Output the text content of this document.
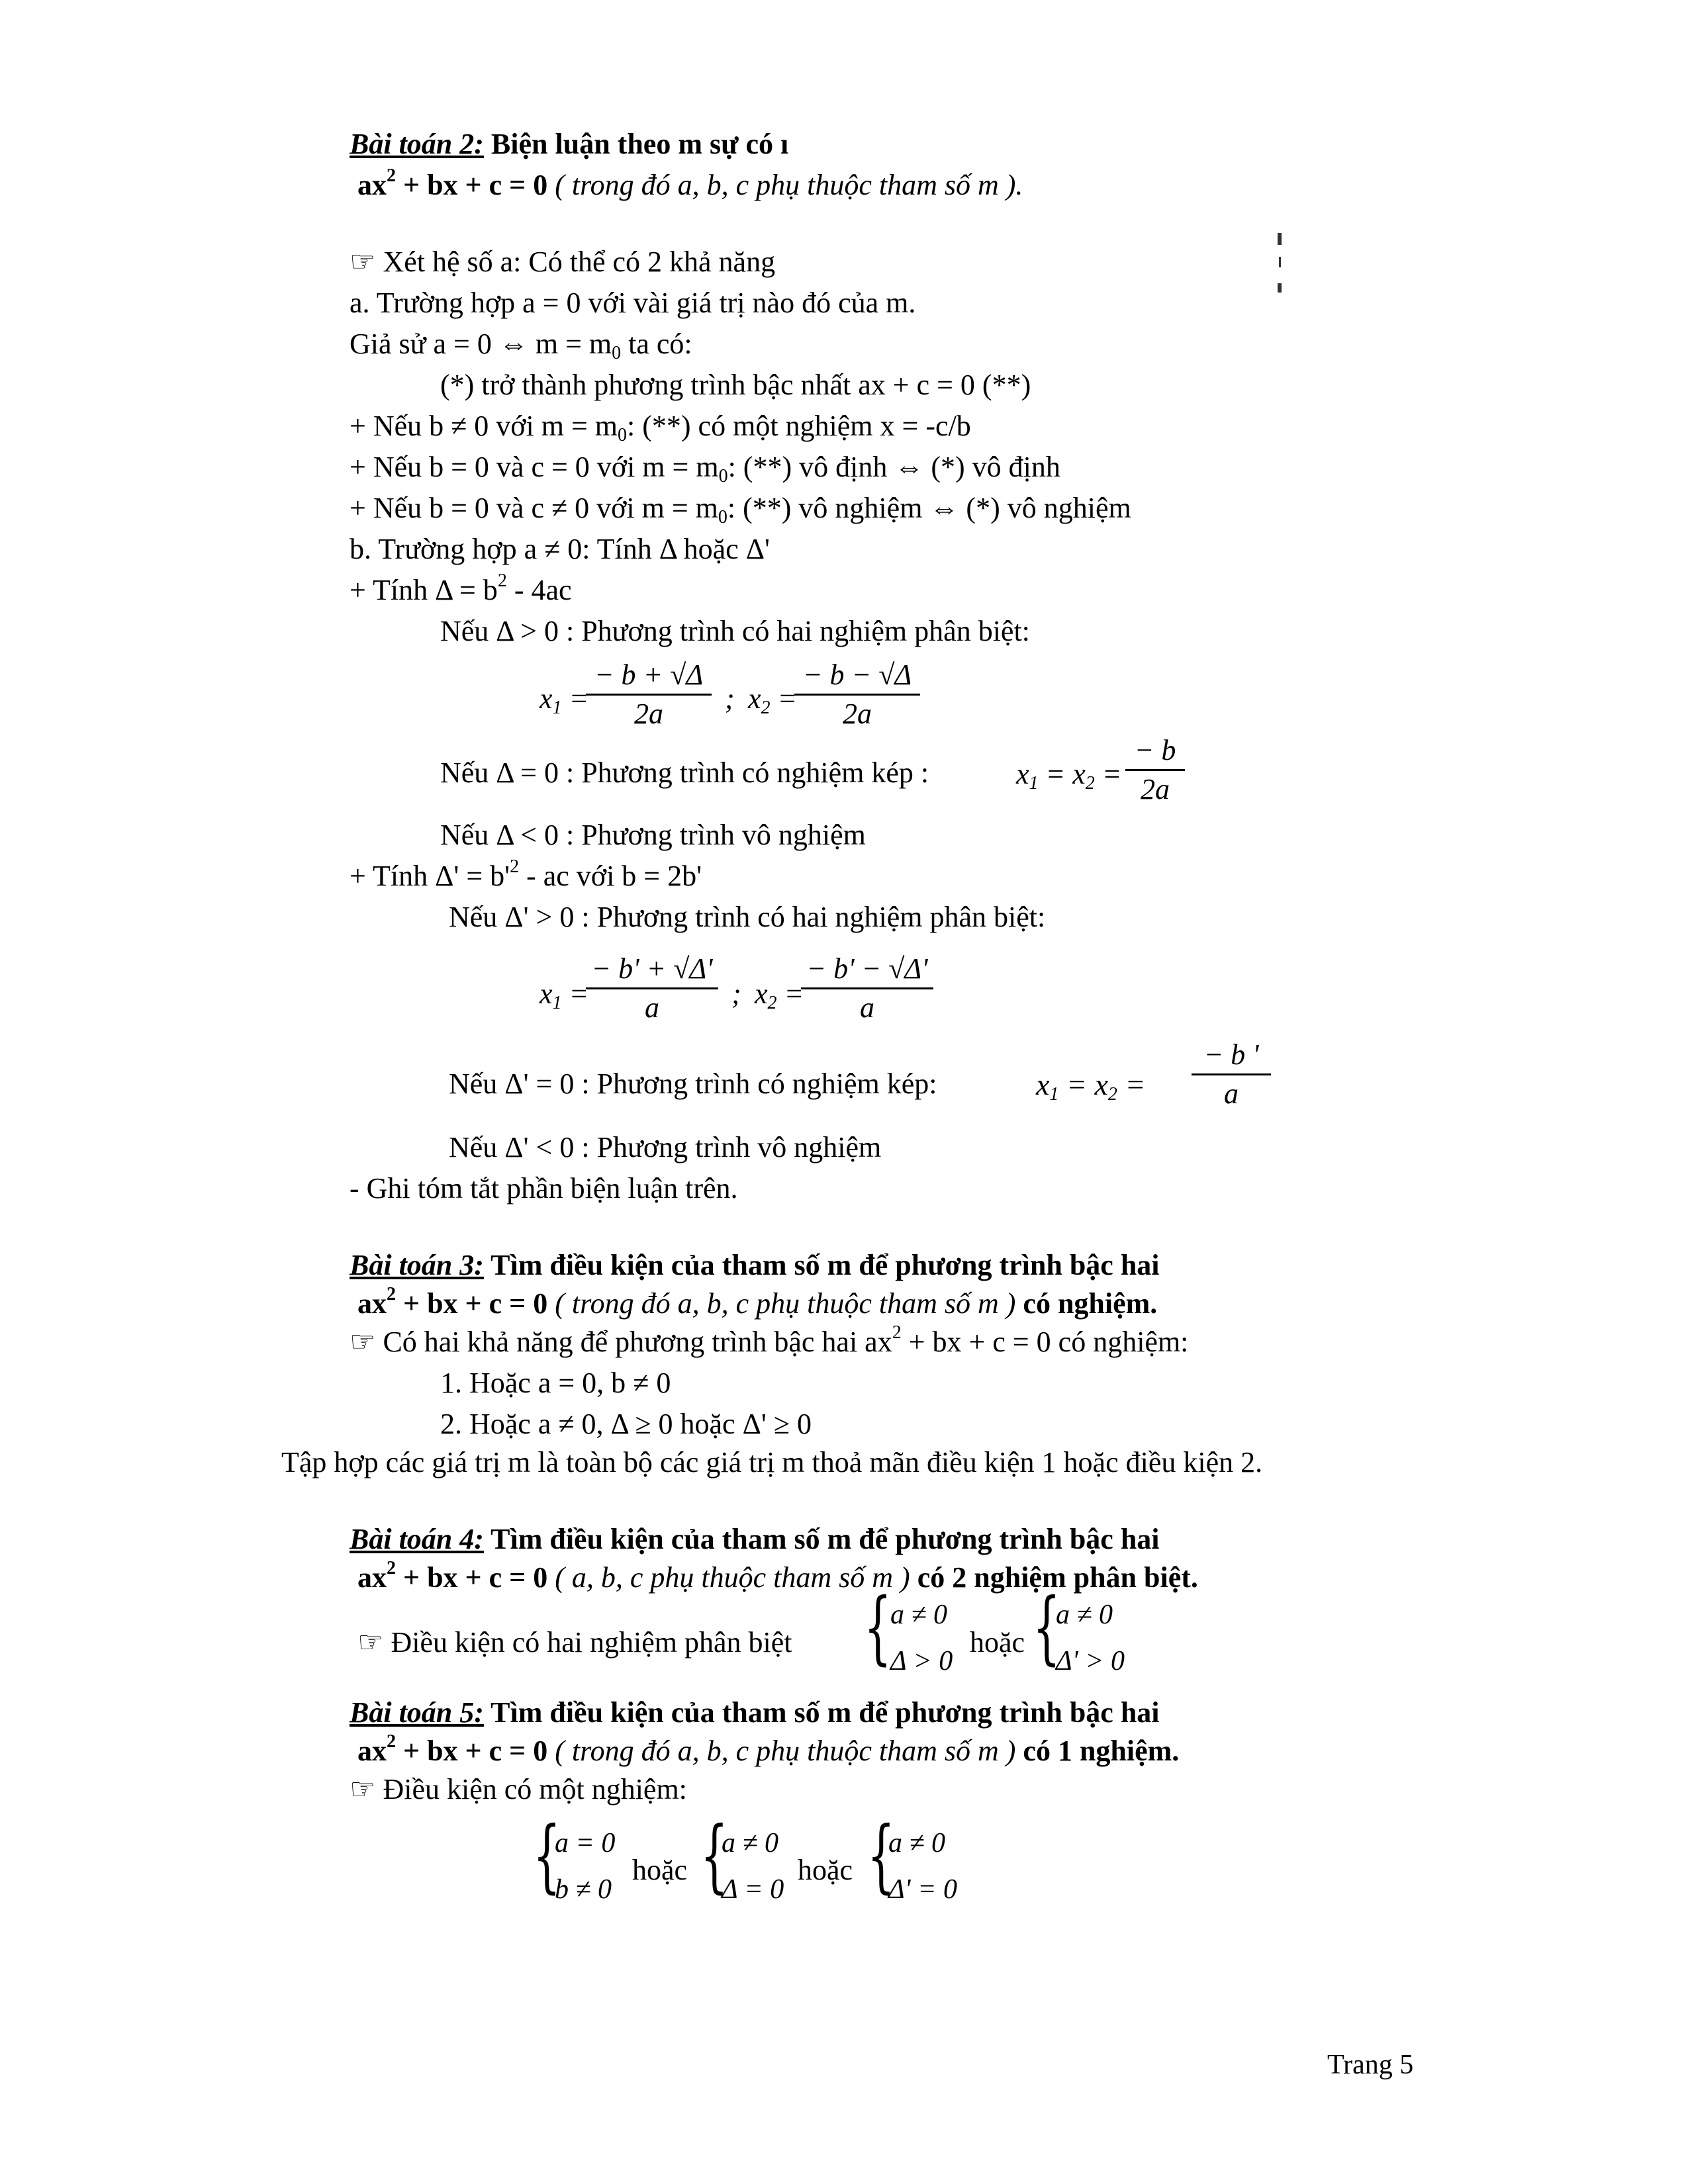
Bài toán 2: Biện luận theo m sự có ı
$ax^2$ + bx + c = 0 ( trong đó a, b, c phụ thuộc tham số m ).
☞ Xét hệ số a: Có thể có 2 khả năng
a. Trường hợp a = 0 với vài giá trị nào đó của m.
Giả sử a = 0 ⇔ $m = m_0$ ta có:
(*) trở thành phương trình bậc nhất ax + c = 0 (**)
+ Nếu b ≠ 0 với $m = m_0$: (**) có một nghiệm x = -c/b
+ Nếu b = 0 và c = 0 với $m = m_0$: (**) vô định ⇔ (*) vô định
+ Nếu b = 0 và c ≠ 0 với $m = m_0$: (**) vô nghiệm ⇔ (*) vô nghiệm
b. Trường hợp a ≠ 0: Tính Δ hoặc Δ'
+ Tính $\Delta = b^2 - 4ac$
Nếu Δ > 0 : Phương trình có hai nghiệm phân biệt:
$x_1$ =
− b + √Δ
2a	; $x_2$ =
− b − √Δ
2a
Nếu Δ = 0 : Phương trình có nghiệm kép :	$x_1 = x_2$ =
− b
2a
Nếu Δ < 0 : Phương trình vô nghiệm
+ Tính $\Delta' = b'^2$ - ac với b = 2b'
Nếu Δ' > 0 : Phương trình có hai nghiệm phân biệt:
$x_1$ =
− b' + √Δ'
a	; $x_2$ =
− b' − √Δ'
a
Nếu Δ' = 0 : Phương trình có nghiệm kép:	$x_1 = x_2$ =
− b '
a
Nếu Δ' < 0 : Phương trình vô nghiệm
- Ghi tóm tắt phần biện luận trên.
Bài toán 3: Tìm điều kiện của tham số m để phương trình bậc hai
$ax^2$ + bx + c = 0 ( trong đó a, b, c phụ thuộc tham số m ) có nghiệm.
☞ Có hai khả năng để phương trình bậc hai $ax^2$ + bx + c = 0 có nghiệm:
1. Hoặc a = 0, b ≠ 0
2. Hoặc a ≠ 0, Δ ≥ 0 hoặc Δ' ≥ 0
Tập hợp các giá trị m là toàn bộ các giá trị m thoả mãn điều kiện 1 hoặc điều kiện 2.
Bài toán 4: Tìm điều kiện của tham số m để phương trình bậc hai
$ax^2$ + bx + c = 0 ( a, b, c phụ thuộc tham số m ) có 2 nghiệm phân biệt.
☞ Điều kiện có hai nghiệm phân biệt {
a ≠ 0
Δ > 0
hoặc {
a ≠ 0
Δ' > 0
Bài toán 5: Tìm điều kiện của tham số m để phương trình bậc hai
$ax^2$ + bx + c = 0 ( trong đó a, b, c phụ thuộc tham số m ) có 1 nghiệm.
☞ Điều kiện có một nghiệm:
{
a = 0
b ≠ 0
hoặc {
a ≠ 0
Δ = 0
hoặc {
a ≠ 0
Δ' = 0
Trang 5
